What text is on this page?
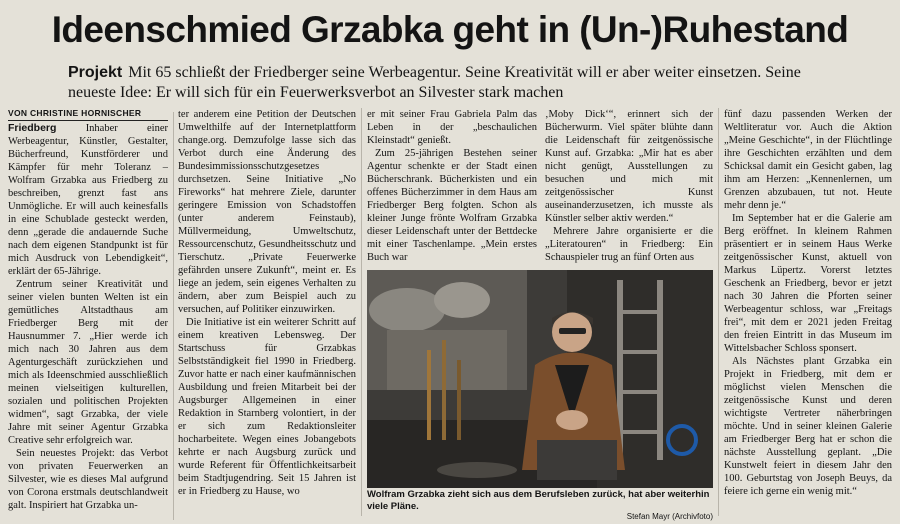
Ideenschmied Grzabka geht in (Un-)Ruhestand

Projekt Mit 65 schließt der Friedberger seine Werbeagentur. Seine Kreativität will er aber weiter einsetzen. Seine neueste Idee: Er will sich für ein Feuerwerksverbot an Silvester stark machen

VON CHRISTINE HORNISCHER

Friedberg	Inhaber einer Werbeagentur, Künstler, Gestalter, Bücherfreund, Kunstförderer und Kämpfer für mehr Toleranz – Wolfram Grzabka aus Friedberg zu beschreiben, grenzt fast ans Unmögliche. Er will auch keinesfalls in eine Schublade gesteckt werden, denn „gerade die andauernde Suche nach dem eigenen Standpunkt ist für mich Ausdruck von Lebendigkeit“, erklärt der 65-Jährige.

Zentrum seiner Kreativität und seiner vielen bunten Welten ist ein gemütliches Altstadthaus am Friedberger Berg mit der Hausnummer 7. „Hier werde ich mich nach 30 Jahren aus dem Agenturgeschäft zurückziehen und mich als Ideenschmied ausschließlich meinen vielseitigen kulturellen, sozialen und politischen Projekten widmen“, sagt Grzabka, der viele Jahre mit seiner Agentur Grzabka Creative sehr erfolgreich war.

Sein neuestes Projekt: das Verbot von privaten Feuerwerken an Silvester, wie es dieses Mal aufgrund von Corona erstmals deutschlandweit galt. Inspiriert hat Grzabka un-

ter anderem eine Petition der Deutschen Umwelthilfe auf der Internetplattform change.org. Demzufolge lasse sich das Verbot durch eine Änderung des Bundesimmissionsschutzgesetzes durchsetzen. Seine Initiative „No Fireworks“ hat mehrere Ziele, darunter geringere Emission von Schadstoffen (unter anderem Feinstaub), Müllvermeidung, Umweltschutz, Ressourcenschutz, Gesundheitsschutz und Tierschutz. „Private Feuerwerke gefährden unsere Zukunft“, meint er. Es liege an jedem, sein eigenes Verhalten zu ändern, aber zum Beispiel auch zu versuchen, auf Politiker einzuwirken.

Die Initiative ist ein weiterer Schritt auf einem kreativen Lebensweg. Der Startschuss für Grzabkas Selbstständigkeit fiel 1990 in Friedberg. Zuvor hatte er nach einer kaufmännischen Ausbildung und freien Mitarbeit bei der Augsburger Allgemeinen in einer Redaktion in Starnberg volontiert, in der er sich zum Redaktionsleiter hocharbeitete. Wegen eines Jobangebots kehrte er nach Augsburg zurück und wurde Referent für Öffentlichkeitsarbeit beim Stadtjugendring. Seit 15 Jahren ist er in Friedberg zu Hause, wo

er mit seiner Frau Gabriela Palm das Leben in der „beschaulichen Kleinstadt“ genießt.

Zum 25-jährigen Bestehen seiner Agentur schenkte er der Stadt einen Bücherschrank. Bücherkisten und ein offenes Bücherzimmer in dem Haus am Friedberger Berg folgten. Schon als kleiner Junge frönte Wolfram Grzabka dieser Leidenschaft unter der Bettdecke mit einer Taschenlampe. „Mein erstes Buch war

‚Moby Dick‘“, erinnert sich der Bücherwurm. Viel später blühte dann die Leidenschaft für zeitgenössische Kunst auf. Grzabka: „Mir hat es aber nicht genügt, Ausstellungen zu besuchen und mich mit zeitgenössischer Kunst auseinanderzusetzen, ich musste als Künstler selber aktiv werden.“

Mehrere Jahre organisierte er die „Literatouren“ in Friedberg: Ein Schauspieler trug an fünf Orten aus

fünf dazu passenden Werken der Weltliteratur vor. Auch die Aktion „Meine Geschichte“, in der Flüchtlinge ihre Geschichten erzählten und dem Schicksal damit ein Gesicht gaben, lag ihm am Herzen: „Kennenlernen, um Grenzen abzubauen, tut not. Heute mehr denn je.“

Im September hat er die Galerie am Berg eröffnet. In kleinem Rahmen präsentiert er in seinem Haus Werke zeitgenössischer Kunst, aktuell von Markus Lüpertz. Vorerst letztes Geschenk an Friedberg, bevor er jetzt nach 30 Jahren die Pforten seiner Werbeagentur schloss, war „Freitags frei“, mit dem er 2021 jeden Freitag den freien Eintritt in das Museum im Wittelsbacher Schloss sponsert.

Als Nächstes plant Grzabka ein Projekt in Friedberg, mit dem er möglichst vielen Menschen die zeitgenössische Kunst und deren wichtigste Vertreter näherbringen möchte. Und in seiner kleinen Galerie am Friedberger Berg hat er schon die nächste Ausstellung geplant. „Die Kunstwelt feiert in diesem Jahr den 100. Geburtstag von Joseph Beuys, da feiere ich gerne ein wenig mit.“

Wolfram Grzabka zieht sich aus dem Berufsleben zurück, hat aber weiterhin viele Pläne.
Stefan Mayr (Archivfoto)
